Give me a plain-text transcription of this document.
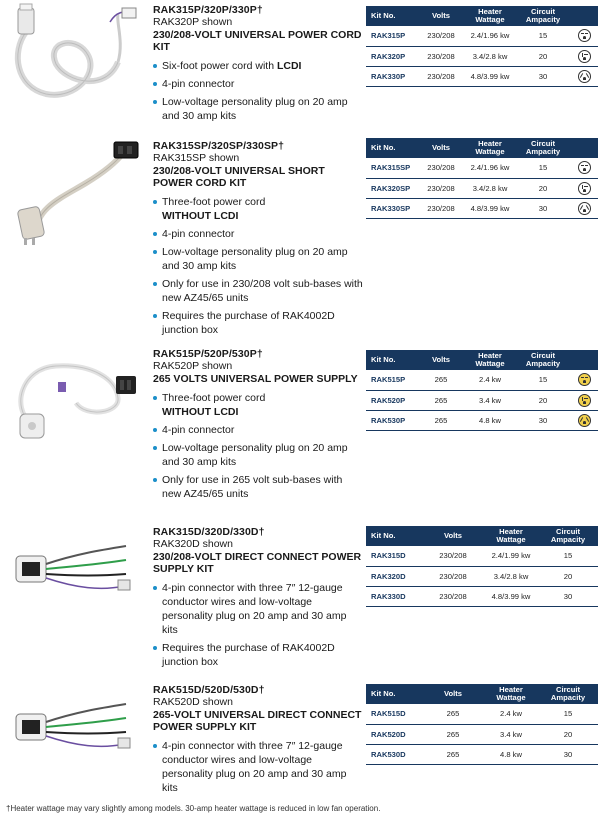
RAK315P/320P/330P†
RAK320P shown
230/208-VOLT UNIVERSAL POWER CORD KIT
Six-foot power cord with LCDI
4-pin connector
Low-voltage personality plug on 20 amp and 30 amp kits
Kit No.	Volts	Heater Wattage	Circuit Ampacity	
RAK315P	230/208	2.4/1.96 kw	15	

RAK320P	230/208	3.4/2.8 kw	20	

RAK330P	230/208	4.8/3.99 kw	30	
RAK315SP/320SP/330SP†
RAK315SP shown
230/208-VOLT UNIVERSAL SHORT POWER CORD KIT
Three-foot power cord
WITHOUT LCDI
4-pin connector
Low-voltage personality plug on 20 amp and 30 amp kits
Only for use in 230/208 volt sub-bases with new AZ45/65 units
Requires the purchase of RAK4002D junction box
Kit No.	Volts	Heater Wattage	Circuit Ampacity	
RAK315SP	230/208	2.4/1.96 kw	15	

RAK320SP	230/208	3.4/2.8 kw	20	

RAK330SP	230/208	4.8/3.99 kw	30	
RAK515P/520P/530P†
RAK520P shown
265 VOLTS UNIVERSAL POWER SUPPLY
Three-foot power cord
WITHOUT LCDI
4-pin connector
Low-voltage personality plug on 20 amp and 30 amp kits
Only for use in 265 volt sub-bases with new AZ45/65 units
Kit No.	Volts	Heater Wattage	Circuit Ampacity	
RAK515P	265	2.4 kw	15	

RAK520P	265	3.4 kw	20	

RAK530P	265	4.8 kw	30	
RAK315D/320D/330D†
RAK320D shown
230/208-VOLT DIRECT CONNECT POWER SUPPLY KIT
4-pin connector with three 7″ 12-gauge conductor wires and low-voltage personality plug on 20 amp and 30 amp kits
Requires the purchase of RAK4002D junction box
Kit No.	Volts	Heater Wattage	Circuit Ampacity
RAK315D	230/208	2.4/1.99 kw	15
RAK320D	230/208	3.4/2.8 kw	20
RAK330D	230/208	4.8/3.99 kw	30
RAK515D/520D/530D†
RAK520D shown
265-VOLT UNIVERSAL DIRECT CONNECT POWER SUPPLY KIT
4-pin connector with three 7″ 12-gauge conductor wires and low-voltage personality plug on 20 amp and 30 amp kits
Kit No.	Volts	Heater Wattage	Circuit Ampacity
RAK515D	265	2.4 kw	15
RAK520D	265	3.4 kw	20
RAK530D	265	4.8 kw	30
†Heater wattage may vary slightly among models. 30-amp heater wattage is reduced in low fan operation.
